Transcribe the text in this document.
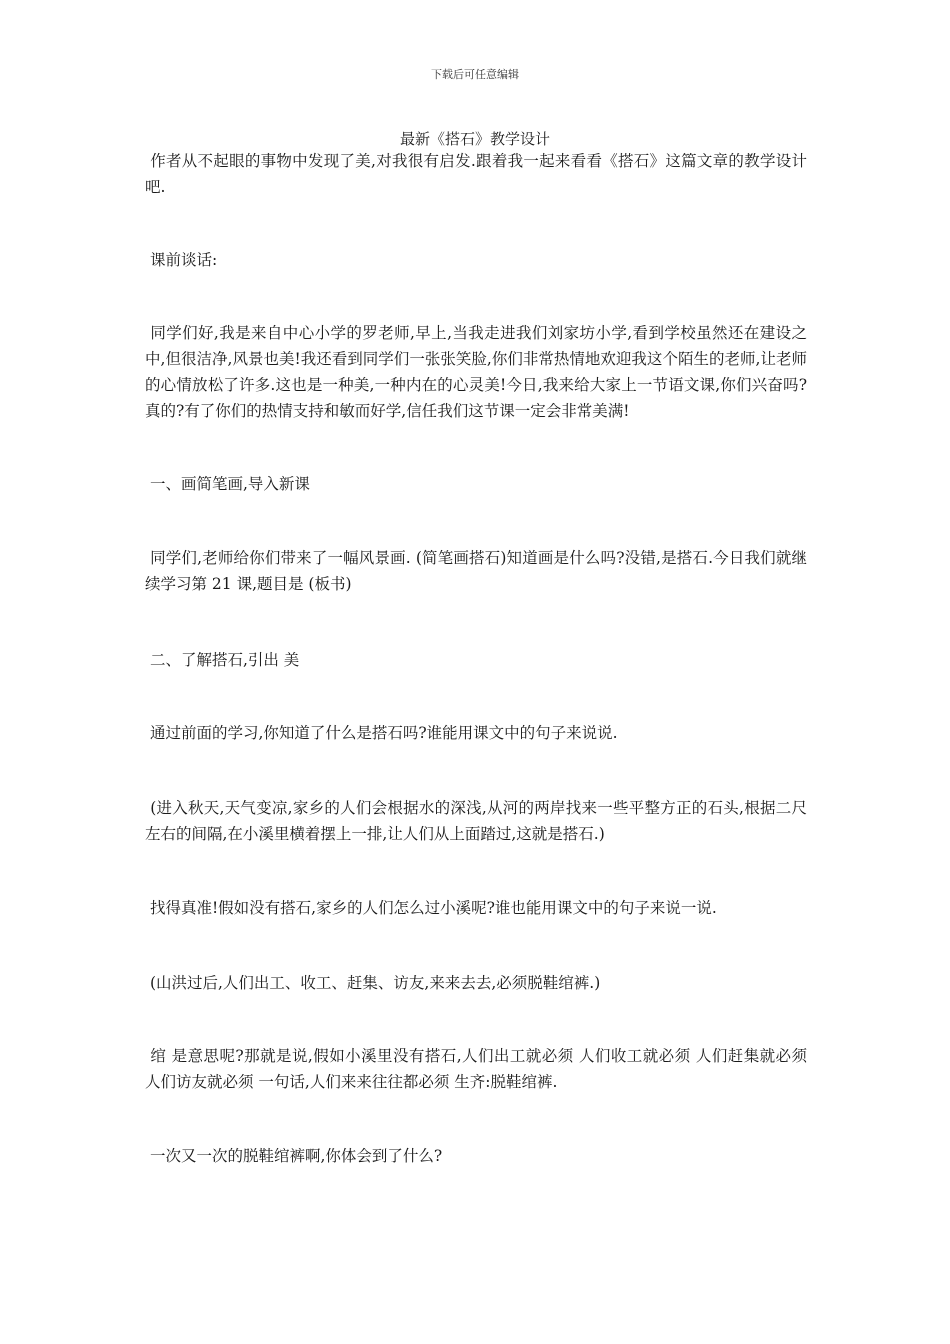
下载后可任意编辑
最新《搭石》教学设计
作者从不起眼的事物中发现了美,对我很有启发.跟着我一起来看看《搭石》这篇文章的教学设计吧.
课前谈话:
同学们好,我是来自中心小学的罗老师,早上,当我走进我们刘家坊小学,看到学校虽然还在建设之中,但很洁净,风景也美!我还看到同学们一张张笑脸,你们非常热情地欢迎我这个陌生的老师,让老师的心情放松了许多.这也是一种美,一种内在的心灵美!今日,我来给大家上一节语文课,你们兴奋吗?真的?有了你们的热情支持和敏而好学,信任我们这节课一定会非常美满!
一、画简笔画,导入新课
同学们,老师给你们带来了一幅风景画. (简笔画搭石)知道画是什么吗?没错,是搭石.今日我们就继续学习第 21 课,题目是 (板书)
二、了解搭石,引出 美
通过前面的学习,你知道了什么是搭石吗?谁能用课文中的句子来说说.
(进入秋天,天气变凉,家乡的人们会根据水的深浅,从河的两岸找来一些平整方正的石头,根据二尺左右的间隔,在小溪里横着摆上一排,让人们从上面踏过,这就是搭石.)
找得真准!假如没有搭石,家乡的人们怎么过小溪呢?谁也能用课文中的句子来说一说.
(山洪过后,人们出工、收工、赶集、访友,来来去去,必须脱鞋绾裤.)
绾 是意思呢?那就是说,假如小溪里没有搭石,人们出工就必须 人们收工就必须 人们赶集就必须 人们访友就必须 一句话,人们来来往往都必须 生齐:脱鞋绾裤.
一次又一次的脱鞋绾裤啊,你体会到了什么?
